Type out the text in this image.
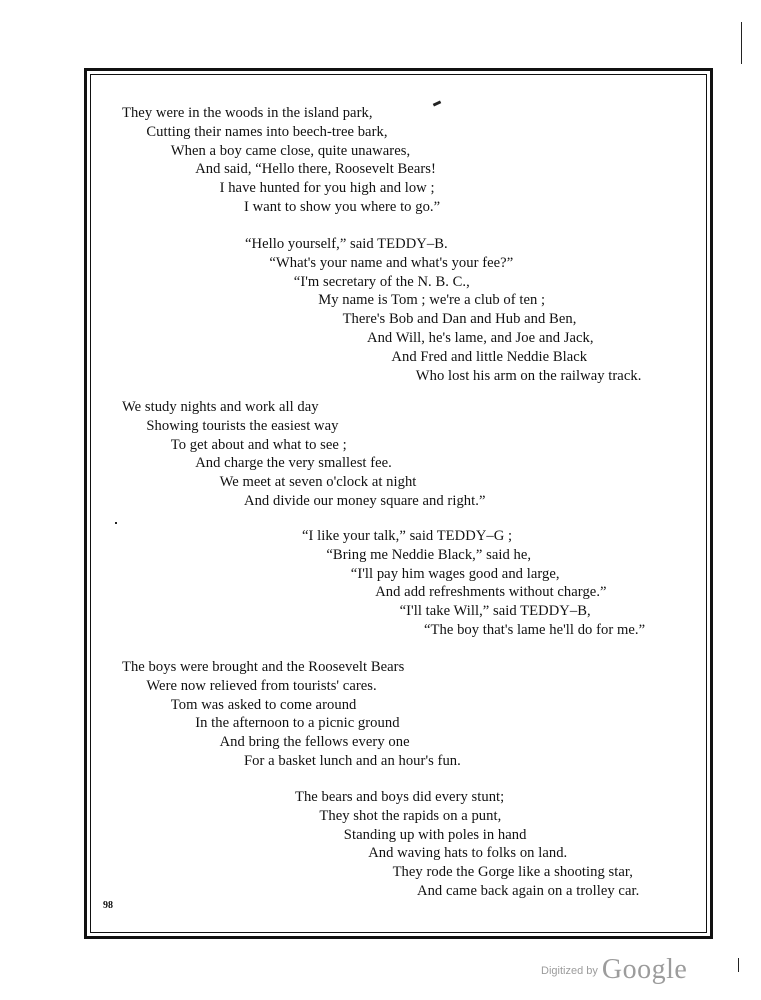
They were in the woods in the island park,
Cutting their names into beech-tree bark,
When a boy came close, quite unawares,
And said, “Hello there, Roosevelt Bears!
I have hunted for you high and low ;
I want to show you where to go.”
“Hello yourself,” said TEDDY–B.
“What's your name and what's your fee?”
“I'm secretary of the N. B. C.,
My name is Tom ; we're a club of ten ;
There's Bob and Dan and Hub and Ben,
And Will, he's lame, and Joe and Jack,
And Fred and little Neddie Black
Who lost his arm on the railway track.
We study nights and work all day
Showing tourists the easiest way
To get about and what to see ;
And charge the very smallest fee.
We meet at seven o'clock at night
And divide our money square and right.”
“I like your talk,” said TEDDY–G ;
“Bring me Neddie Black,” said he,
“I'll pay him wages good and large,
And add refreshments without charge.”
“I'll take Will,” said TEDDY–B,
“The boy that's lame he'll do for me.”
The boys were brought and the Roosevelt Bears
Were now relieved from tourists' cares.
Tom was asked to come around
In the afternoon to a picnic ground
And bring the fellows every one
For a basket lunch and an hour's fun.
The bears and boys did every stunt;
They shot the rapids on a punt,
Standing up with poles in hand
And waving hats to folks on land.
They rode the Gorge like a shooting star,
And came back again on a trolley car.
98
$^{Digitized by}$ Google
